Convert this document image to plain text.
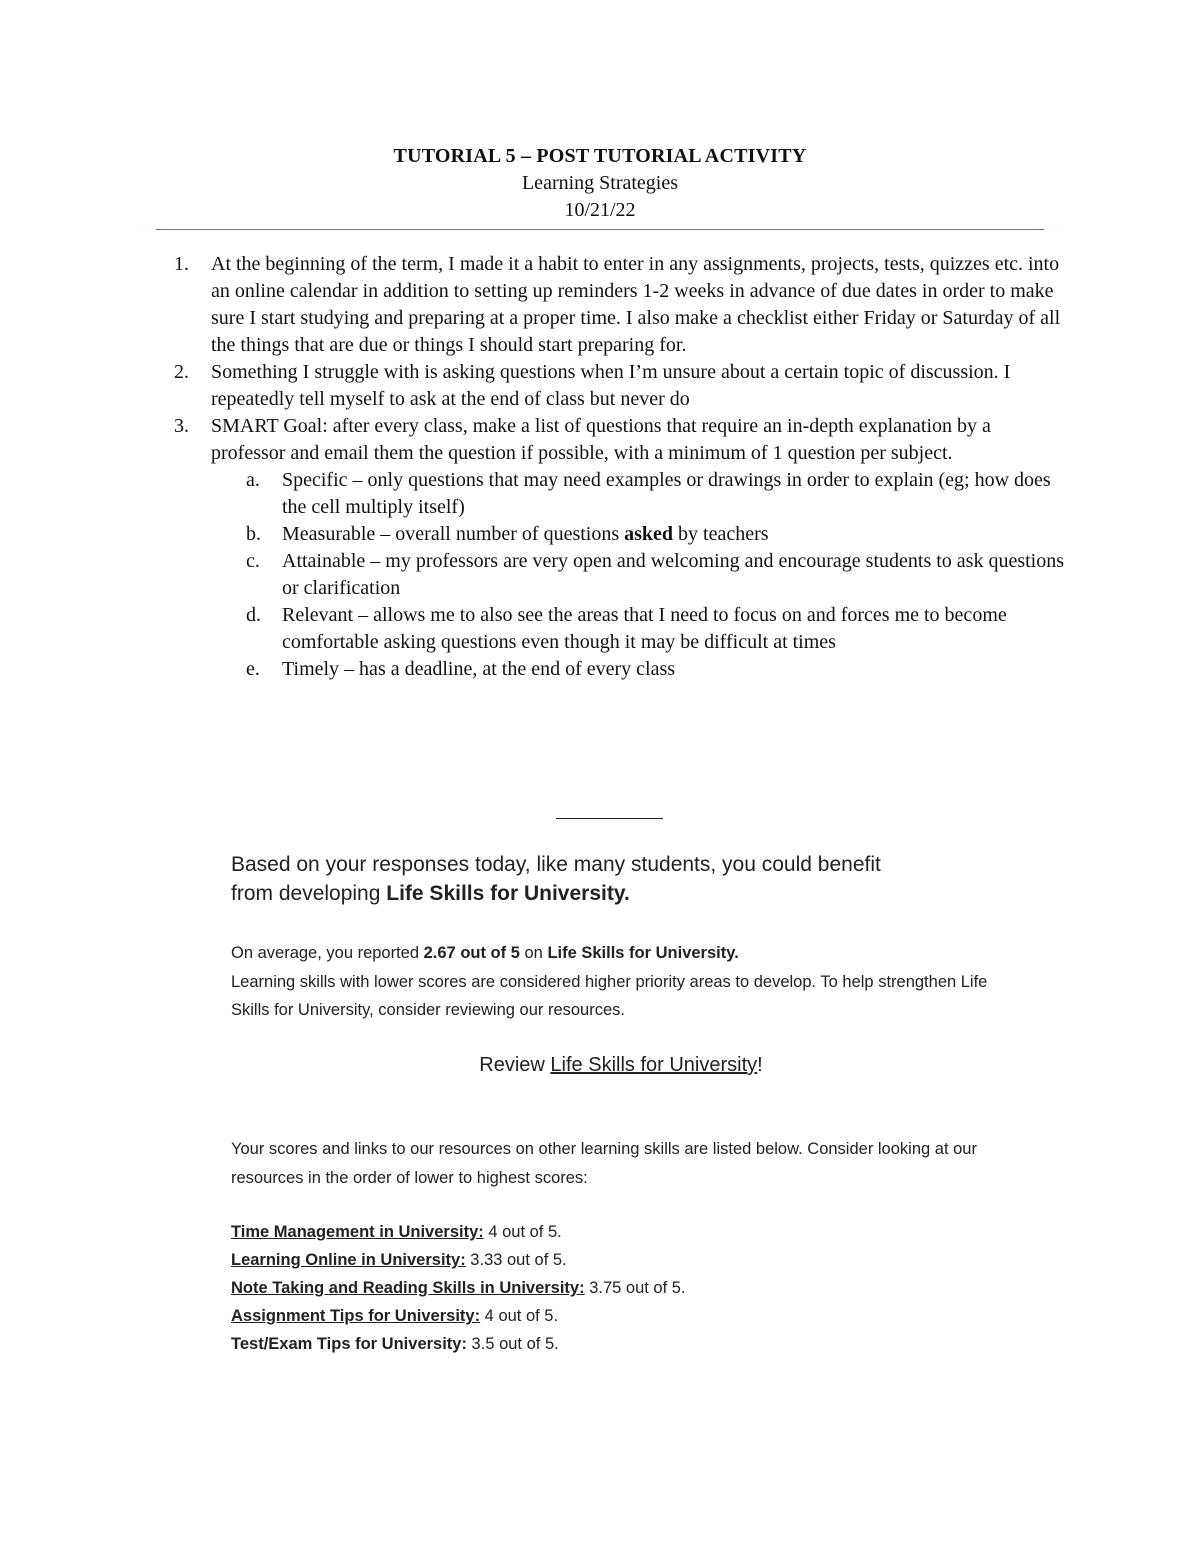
TUTORIAL 5 – POST TUTORIAL ACTIVITY
Learning Strategies
10/21/22
1. At the beginning of the term, I made it a habit to enter in any assignments, projects, tests, quizzes etc. into an online calendar in addition to setting up reminders 1-2 weeks in advance of due dates in order to make sure I start studying and preparing at a proper time. I also make a checklist either Friday or Saturday of all the things that are due or things I should start preparing for.
2. Something I struggle with is asking questions when I’m unsure about a certain topic of discussion. I repeatedly tell myself to ask at the end of class but never do
3. SMART Goal: after every class, make a list of questions that require an in-depth explanation by a professor and email them the question if possible, with a minimum of 1 question per subject.
a. Specific – only questions that may need examples or drawings in order to explain (eg; how does the cell multiply itself)
b. Measurable – overall number of questions asked by teachers
c. Attainable – my professors are very open and welcoming and encourage students to ask questions or clarification
d. Relevant – allows me to also see the areas that I need to focus on and forces me to become comfortable asking questions even though it may be difficult at times
e. Timely – has a deadline, at the end of every class
Based on your responses today, like many students, you could benefit
from developing Life Skills for University.
On average, you reported 2.67 out of 5 on Life Skills for University.
Learning skills with lower scores are considered higher priority areas to develop. To help strengthen Life Skills for University, consider reviewing our resources.
Review Life Skills for University!
Your scores and links to our resources on other learning skills are listed below. Consider looking at our resources in the order of lower to highest scores:
Time Management in University: 4 out of 5.
Learning Online in University: 3.33 out of 5.
Note Taking and Reading Skills in University: 3.75 out of 5.
Assignment Tips for University: 4 out of 5.
Test/Exam Tips for University: 3.5 out of 5.
